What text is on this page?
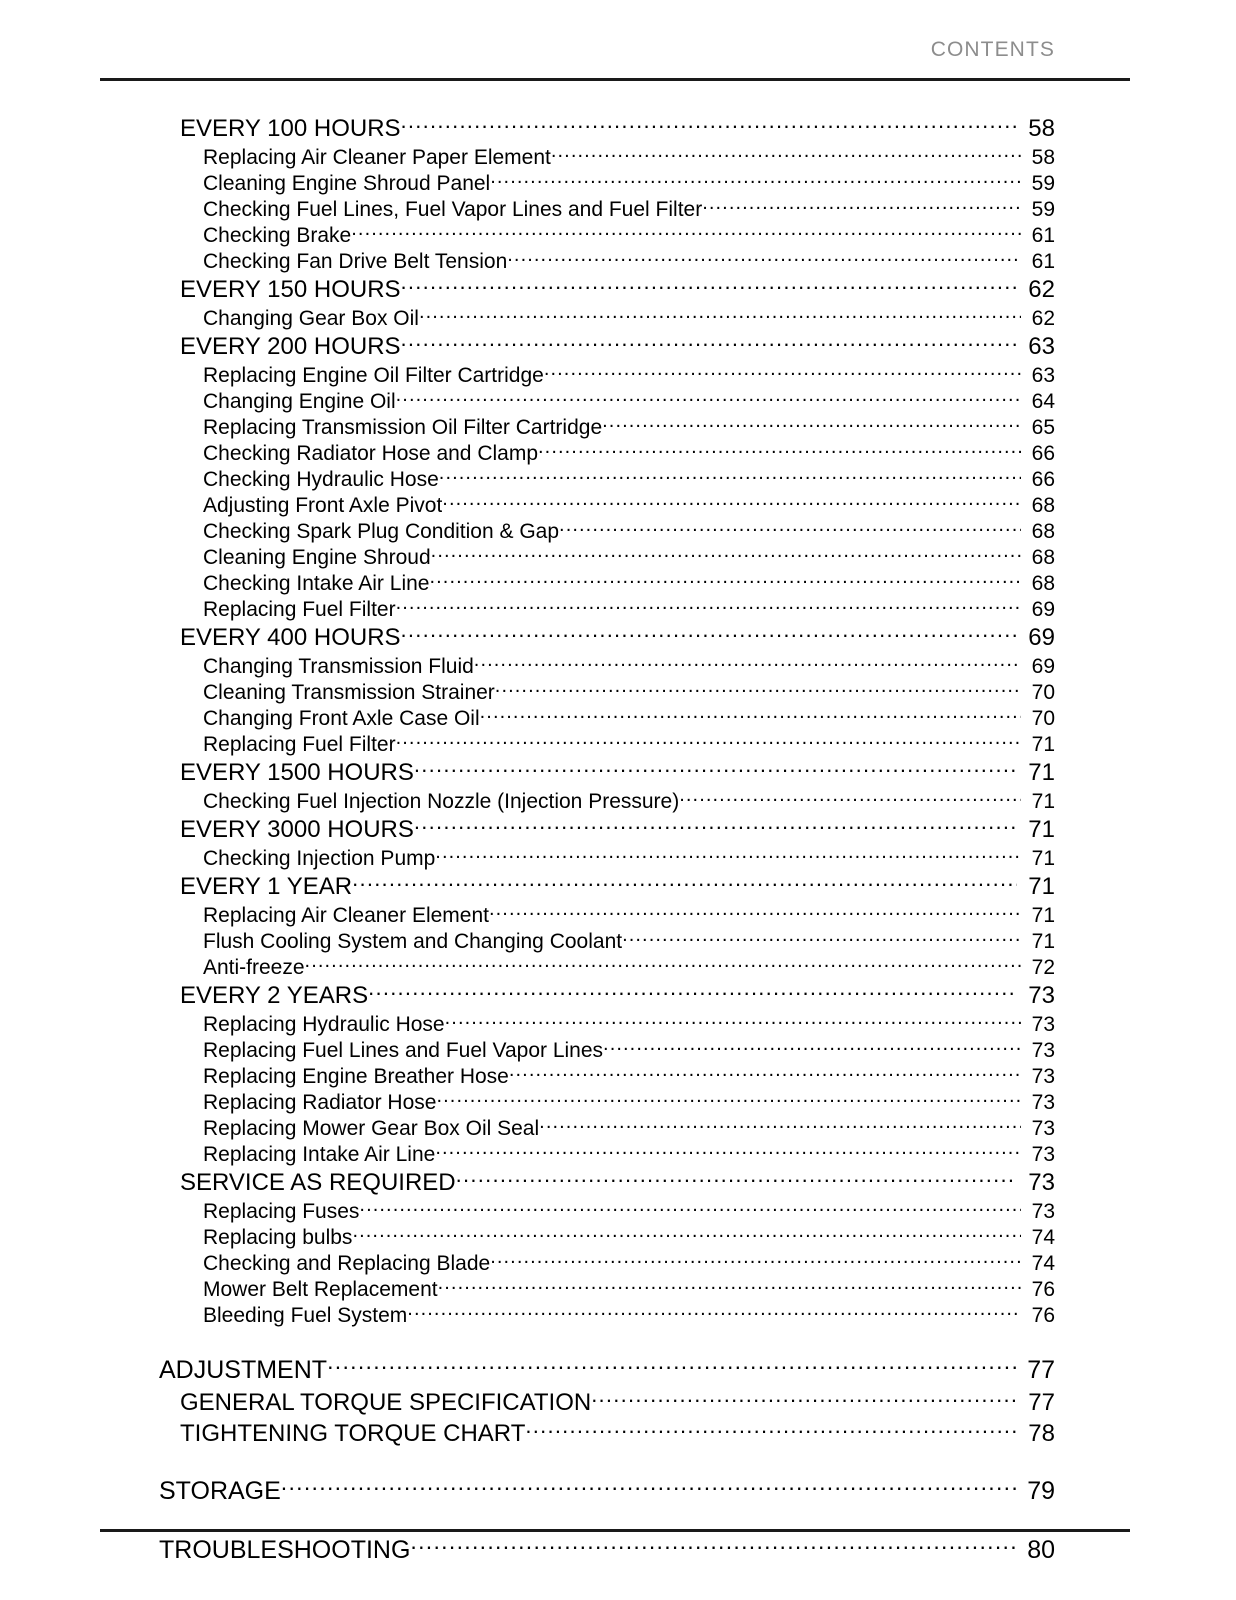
CONTENTS
EVERY 100 HOURS .....	58
Replacing Air Cleaner Paper Element .....	58
Cleaning Engine Shroud Panel .....	59
Checking Fuel Lines, Fuel Vapor Lines and Fuel Filter .....	59
Checking Brake .....	61
Checking Fan Drive Belt Tension .....	61
EVERY 150 HOURS .....	62
Changing Gear Box Oil .....	62
EVERY 200 HOURS .....	63
Replacing Engine Oil Filter Cartridge .....	63
Changing Engine Oil .....	64
Replacing Transmission Oil Filter Cartridge .....	65
Checking Radiator Hose and Clamp .....	66
Checking Hydraulic Hose .....	66
Adjusting Front Axle Pivot .....	68
Checking Spark Plug Condition & Gap .....	68
Cleaning Engine Shroud .....	68
Checking Intake Air Line .....	68
Replacing Fuel Filter .....	69
EVERY 400 HOURS .....	69
Changing Transmission Fluid .....	69
Cleaning Transmission Strainer .....	70
Changing Front Axle Case Oil .....	70
Replacing Fuel Filter .....	71
EVERY 1500 HOURS .....	71
Checking Fuel Injection Nozzle (Injection Pressure) .....	71
EVERY 3000 HOURS .....	71
Checking Injection Pump .....	71
EVERY 1 YEAR .....	71
Replacing Air Cleaner Element .....	71
Flush Cooling System and Changing Coolant .....	71
Anti-freeze .....	72
EVERY 2 YEARS .....	73
Replacing Hydraulic Hose .....	73
Replacing Fuel Lines and Fuel Vapor Lines .....	73
Replacing Engine Breather Hose .....	73
Replacing Radiator Hose .....	73
Replacing Mower Gear Box Oil Seal .....	73
Replacing Intake Air Line .....	73
SERVICE AS REQUIRED .....	73
Replacing Fuses .....	73
Replacing bulbs .....	74
Checking and Replacing Blade .....	74
Mower Belt Replacement .....	76
Bleeding Fuel System .....	76
ADJUSTMENT .....	77
GENERAL TORQUE SPECIFICATION .....	77
TIGHTENING TORQUE CHART .....	78
STORAGE .....	79
TROUBLESHOOTING .....	80
